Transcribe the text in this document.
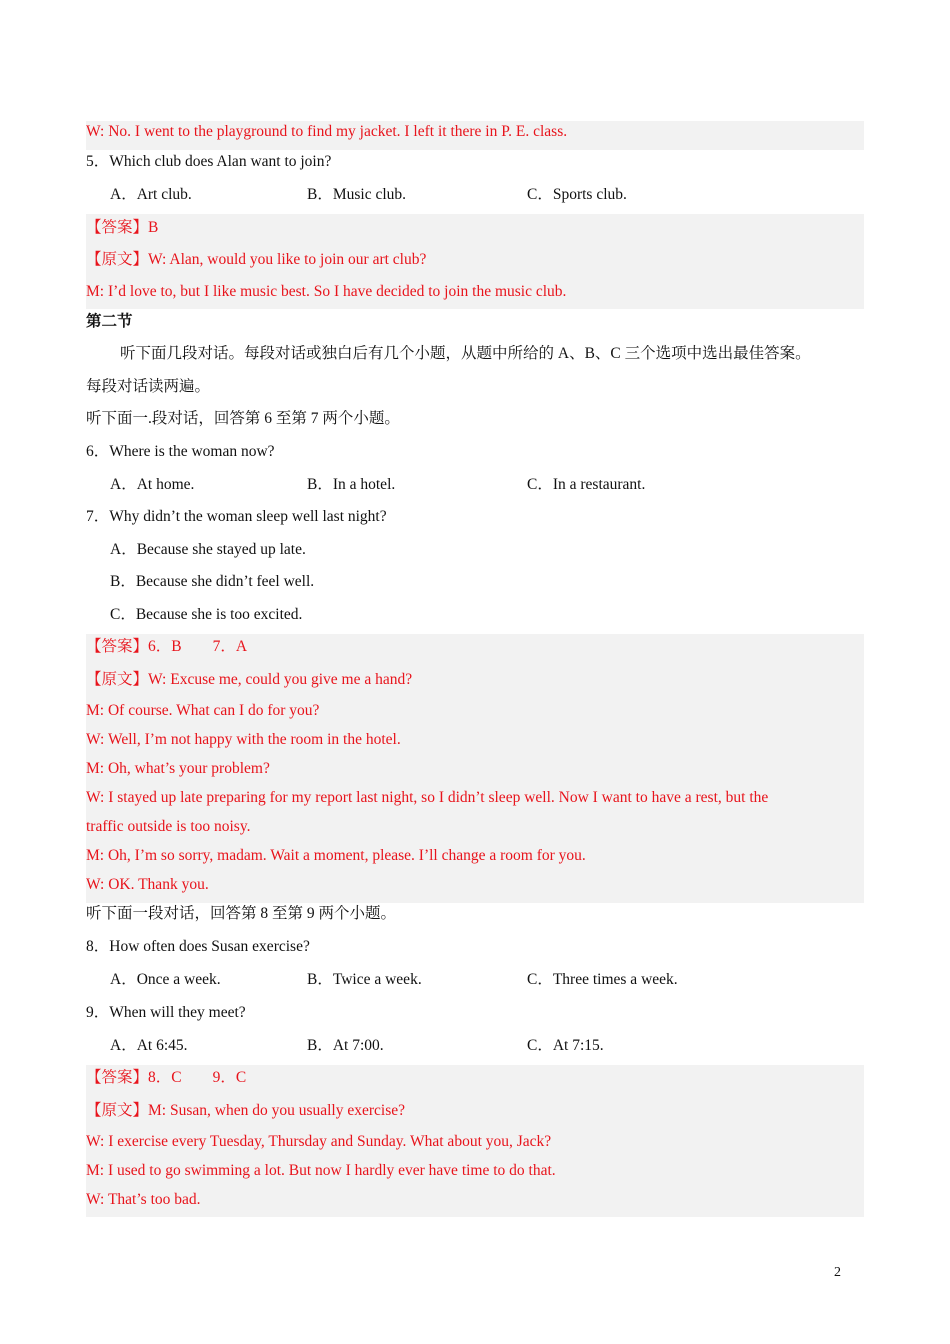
W: No. I went to the playground to find my jacket. I left it there in P. E. class.
5．Which club does Alan want to join?
A．Art club.	B．Music club.	C．Sports club.
【答案】B
【原文】W: Alan, would you like to join our art club?
M: I’d love to, but I like music best. So I have decided to join the music club.
第二节
听下面几段对话。每段对话或独白后有几个小题，从题中所给的 A、B、C 三个选项中选出最佳答案。
每段对话读两遍。
听下面一.段对话，回答第 6 至第 7 两个小题。
6．Where is the woman now?
A．At home.	B．In a hotel.	C．In a restaurant.
7．Why didn’t the woman sleep well last night?
A．Because she stayed up late.
B．Because she didn’t feel well.
C．Because she is too excited.
【答案】6．B        7．A
【原文】W: Excuse me, could you give me a hand?
M: Of course. What can I do for you?
W: Well, I’m not happy with the room in the hotel.
M: Oh, what’s your problem?
W: I stayed up late preparing for my report last night, so I didn’t sleep well. Now I want to have a rest, but the
traffic outside is too noisy.
M: Oh, I’m so sorry, madam. Wait a moment, please. I’ll change a room for you.
W: OK. Thank you.
听下面一段对话，回答第 8 至第 9 两个小题。
8．How often does Susan exercise?
A．Once a week.	B．Twice a week.	C．Three times a week.
9．When will they meet?
A．At 6:45.	B．At 7:00.	C．At 7:15.
【答案】8．C        9．C
【原文】M: Susan, when do you usually exercise?
W: I exercise every Tuesday, Thursday and Sunday. What about you, Jack?
M: I used to go swimming a lot. But now I hardly ever have time to do that.
W: That’s too bad.
2
